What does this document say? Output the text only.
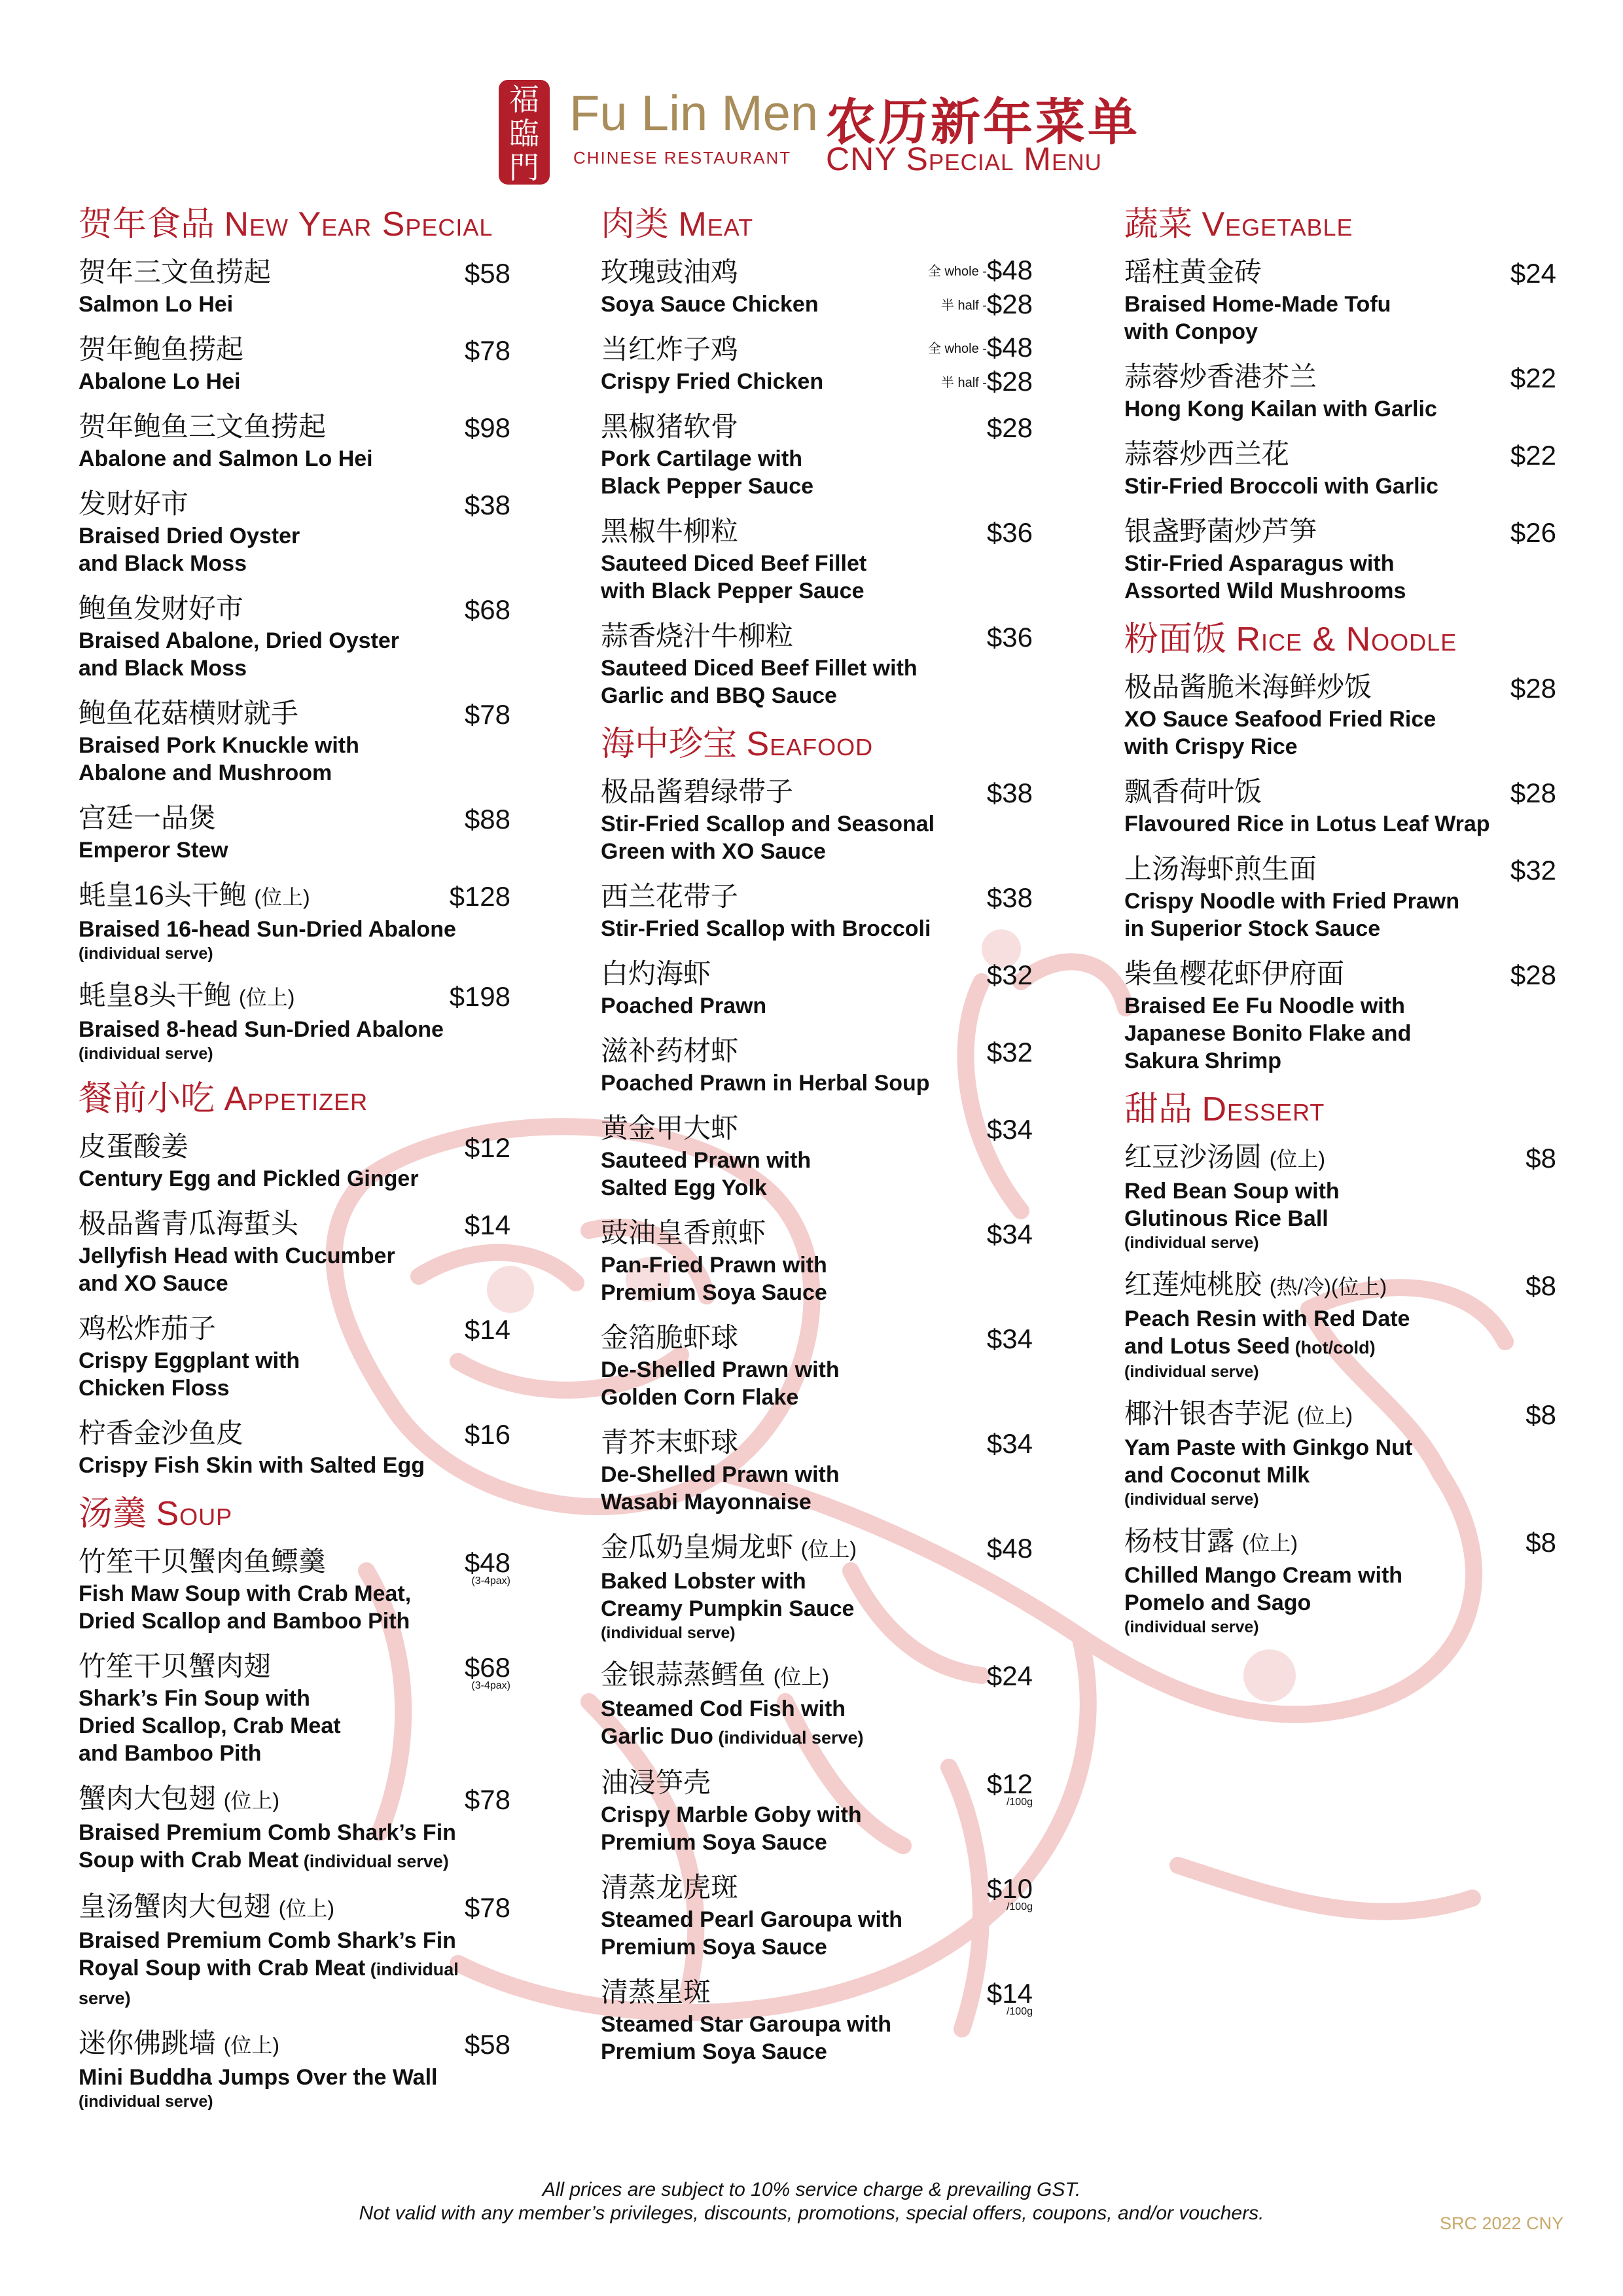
福
臨
門
Fu Lin Men
CHINESE RESTAURANT
农历新年菜单
CNY Special Menu
贺年食品 New Year Special
贺年三文鱼捞起
Salmon Lo Hei
$58
贺年鲍鱼捞起
Abalone Lo Hei
$78
贺年鲍鱼三文鱼捞起
Abalone and Salmon Lo Hei
$98
发财好市
Braised Dried Oyster
and Black Moss
$38
鲍鱼发财好市
Braised Abalone, Dried Oyster
and Black Moss
$68
鲍鱼花菇横财就手
Braised Pork Knuckle with
Abalone and Mushroom
$78
宫廷一品煲
Emperor Stew
$88
蚝皇16头干鲍 (位上)
Braised 16-head Sun-Dried Abalone
(individual serve)
$128
蚝皇8头干鲍 (位上)
Braised 8-head Sun-Dried Abalone
(individual serve)
$198
餐前小吃 Appetizer
皮蛋酸姜
Century Egg and Pickled Ginger
$12
极品酱青瓜海蜇头
Jellyfish Head with Cucumber
and XO Sauce
$14
鸡松炸茄子
Crispy Eggplant with
Chicken Floss
$14
柠香金沙鱼皮
Crispy Fish Skin with Salted Egg
$16
汤羹 Soup
竹笙干贝蟹肉鱼鳔羹
Fish Maw Soup with Crab Meat,
Dried Scallop and Bamboo Pith
$48
(3-4pax)
竹笙干贝蟹肉翅
Shark’s Fin Soup with
Dried Scallop, Crab Meat
and Bamboo Pith
$68
(3-4pax)
蟹肉大包翅 (位上)
Braised Premium Comb Shark’s Fin
Soup with Crab Meat (individual serve)
$78
皇汤蟹肉大包翅 (位上)
Braised Premium Comb Shark’s Fin
Royal Soup with Crab Meat (individual serve)
$78
迷你佛跳墙 (位上)
Mini Buddha Jumps Over the Wall
(individual serve)
$58
肉类 Meat
玫瑰豉油鸡
Soya Sauce Chicken
全 whole -$48
半 half -$28
当红炸子鸡
Crispy Fried Chicken
全 whole -$48
半 half -$28
黑椒猪软骨
Pork Cartilage with
Black Pepper Sauce
$28
黑椒牛柳粒
Sauteed Diced Beef Fillet
with Black Pepper Sauce
$36
蒜香烧汁牛柳粒
Sauteed Diced Beef Fillet with
Garlic and BBQ Sauce
$36
海中珍宝 Seafood
极品酱碧绿带子
Stir-Fried Scallop and Seasonal
Green with XO Sauce
$38
西兰花带子
Stir-Fried Scallop with Broccoli
$38
白灼海虾
Poached Prawn
$32
滋补药材虾
Poached Prawn in Herbal Soup
$32
黄金甲大虾
Sauteed Prawn with
Salted Egg Yolk
$34
豉油皇香煎虾
Pan-Fried Prawn with
Premium Soya Sauce
$34
金箔脆虾球
De-Shelled Prawn with
Golden Corn Flake
$34
青芥末虾球
De-Shelled Prawn with
Wasabi Mayonnaise
$34
金瓜奶皇焗龙虾 (位上)
Baked Lobster with
Creamy Pumpkin Sauce
(individual serve)
$48
金银蒜蒸鳕鱼 (位上)
Steamed Cod Fish with
Garlic Duo (individual serve)
$24
油浸笋壳
Crispy Marble Goby with
Premium Soya Sauce
$12
/100g
清蒸龙虎斑
Steamed Pearl Garoupa with
Premium Soya Sauce
$10
/100g
清蒸星斑
Steamed Star Garoupa with
Premium Soya Sauce
$14
/100g
蔬菜 Vegetable
瑶柱黄金砖
Braised Home-Made Tofu
with Conpoy
$24
蒜蓉炒香港芥兰
Hong Kong Kailan with Garlic
$22
蒜蓉炒西兰花
Stir-Fried Broccoli with Garlic
$22
银盏野菌炒芦笋
Stir-Fried Asparagus with
Assorted Wild Mushrooms
$26
粉面饭 Rice & Noodle
极品酱脆米海鲜炒饭
XO Sauce Seafood Fried Rice
with Crispy Rice
$28
飘香荷叶饭
Flavoured Rice in Lotus Leaf Wrap
$28
上汤海虾煎生面
Crispy Noodle with Fried Prawn
in Superior Stock Sauce
$32
柴鱼樱花虾伊府面
Braised Ee Fu Noodle with
Japanese Bonito Flake and
Sakura Shrimp
$28
甜品 Dessert
红豆沙汤圆 (位上)
Red Bean Soup with
Glutinous Rice Ball
(individual serve)
$8
红莲炖桃胶 (热/冷)(位上)
Peach Resin with Red Date
and Lotus Seed (hot/cold)
(individual serve)
$8
椰汁银杏芋泥 (位上)
Yam Paste with Ginkgo Nut
and Coconut Milk
(individual serve)
$8
杨枝甘露 (位上)
Chilled Mango Cream with
Pomelo and Sago
(individual serve)
$8
All prices are subject to 10% service charge & prevailing GST.
Not valid with any member’s privileges, discounts, promotions, special offers, coupons, and/or vouchers.	SRC 2022 CNY
